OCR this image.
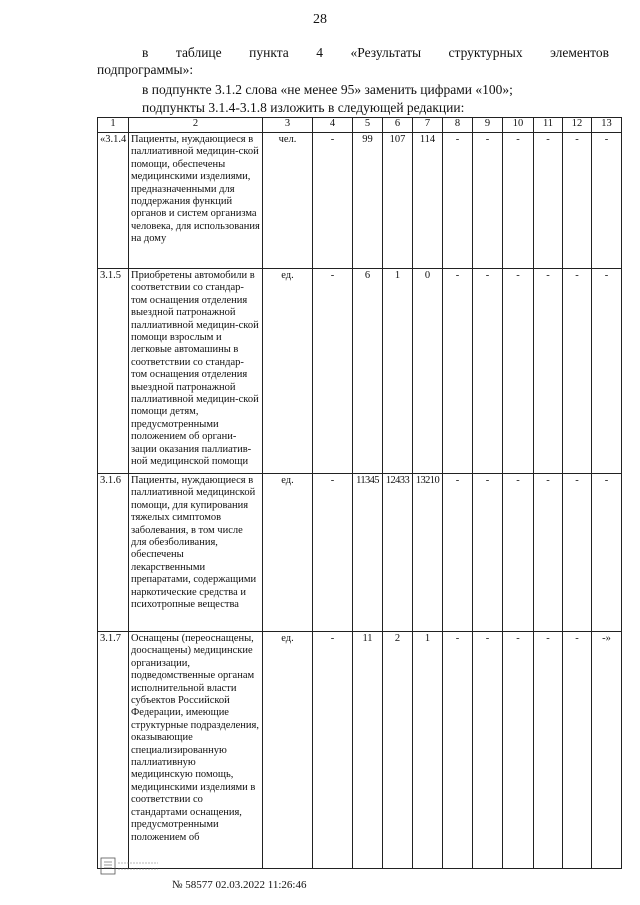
28
в таблице пункта 4 «Результаты структурных элементов
подпрограммы»:
в подпункте 3.1.2 слова «не менее 95» заменить цифрами «100»;
подпункты 3.1.4-3.1.8 изложить в следующей редакции:
1	2	3	4	5	6	7	8	9	10	11	12	13
«3.1.4	Пациенты, нуждающиеся в паллиативной медицин-ской помощи, обеспечены медицинскими изделиями, предназначенными для поддержания функций органов и систем организма человека, для использования на дому	чел.	-	99	107	114	-	-	-	-	-	-
3.1.5	Приобретены автомобили в соответствии со стандар-том оснащения отделения выездной патронажной паллиативной медицин-ской помощи взрослым и легковые автомашины в соответствии со стандар-том оснащения отделения выездной патронажной паллиативной медицин-ской помощи детям, предусмотренными положением об органи-зации оказания паллиатив-ной медицинской помощи	ед.	-	6	1	0	-	-	-	-	-	-
3.1.6	Пациенты, нуждающиеся в паллиативной медицинской помощи, для купирования тяжелых симптомов заболевания, в том числе для обезболивания, обеспечены лекарственными препаратами, содержащими наркотические средства и психотропные вещества	ед.	-	11345	12433	13210	-	-	-	-	-	-
3.1.7	Оснащены (переоснащены, дооснащены) медицинские организации, подведомственные органам исполнительной власти субъектов Российской Федерации, имеющие структурные подразделения, оказывающие специализированную паллиативную медицинскую помощь, медицинскими изделиями в соответствии со стандартами оснащения, предусмотренными положением об	ед.	-	11	2	1	-	-	-	-	-	-»
№ 58577 02.03.2022 11:26:46
